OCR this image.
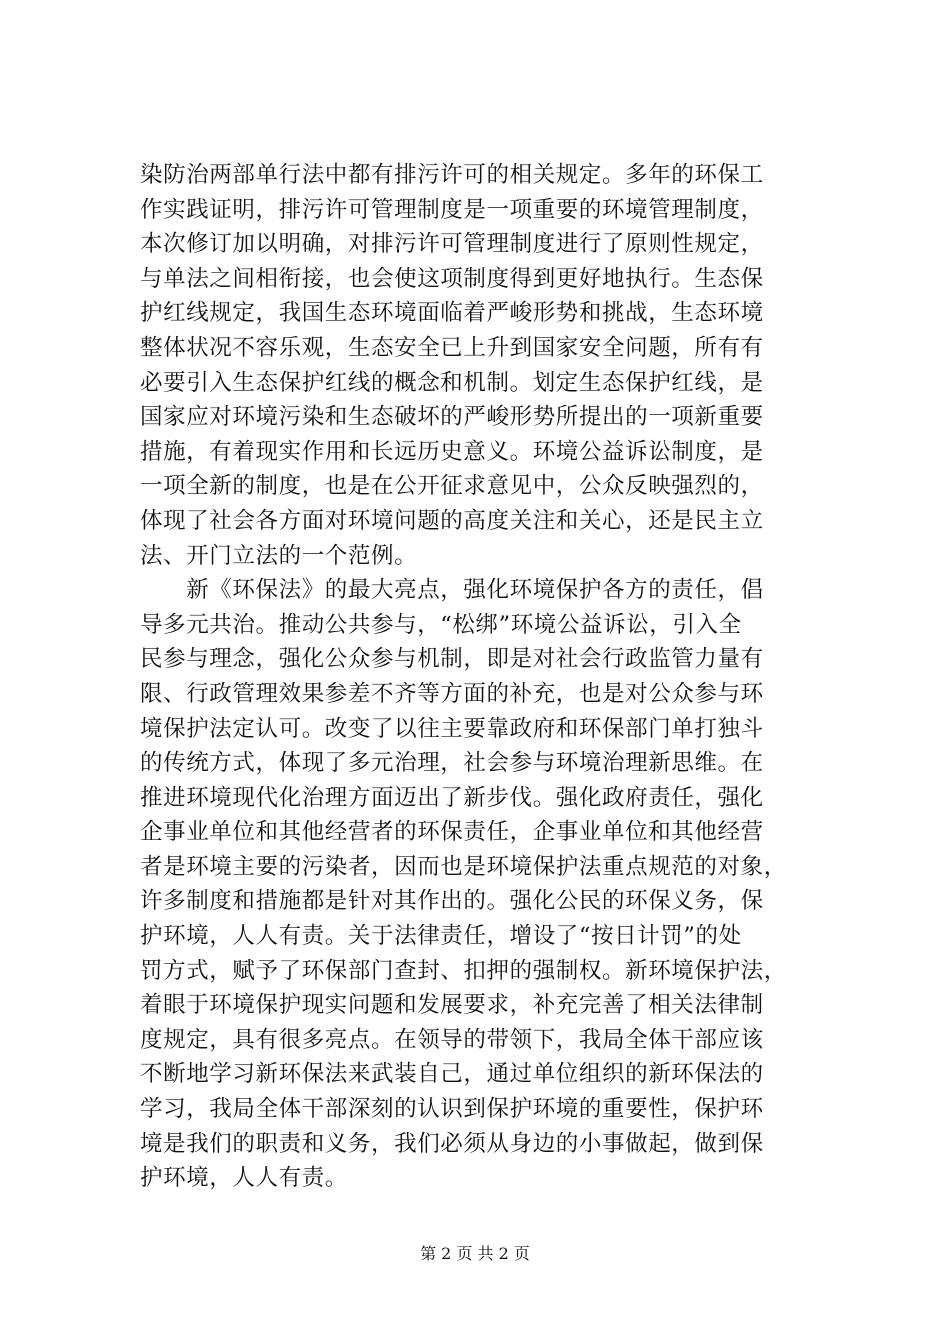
染防治两部单行法中都有排污许可的相关规定。多年的环保工
作实践证明，排污许可管理制度是一项重要的环境管理制度，
本次修订加以明确，对排污许可管理制度进行了原则性规定，
与单法之间相衔接，也会使这项制度得到更好地执行。生态保
护红线规定，我国生态环境面临着严峻形势和挑战，生态环境
整体状况不容乐观，生态安全已上升到国家安全问题，所有有
必要引入生态保护红线的概念和机制。划定生态保护红线，是
国家应对环境污染和生态破坏的严峻形势所提出的一项新重要
措施，有着现实作用和长远历史意义。环境公益诉讼制度，是
一项全新的制度，也是在公开征求意见中，公众反映强烈的，
体现了社会各方面对环境问题的高度关注和关心，还是民主立
法、开门立法的一个范例。
　　新《环保法》的最大亮点，强化环境保护各方的责任，倡
导多元共治。推动公共参与，“松绑”环境公益诉讼，引入全
民参与理念，强化公众参与机制，即是对社会行政监管力量有
限、行政管理效果参差不齐等方面的补充，也是对公众参与环
境保护法定认可。改变了以往主要靠政府和环保部门单打独斗
的传统方式，体现了多元治理，社会参与环境治理新思维。在
推进环境现代化治理方面迈出了新步伐。强化政府责任，强化
企事业单位和其他经营者的环保责任，企事业单位和其他经营
者是环境主要的污染者，因而也是环境保护法重点规范的对象，
许多制度和措施都是针对其作出的。强化公民的环保义务，保
护环境，人人有责。关于法律责任，增设了“按日计罚”的处
罚方式，赋予了环保部门查封、扣押的强制权。新环境保护法，
着眼于环境保护现实问题和发展要求，补充完善了相关法律制
度规定，具有很多亮点。在领导的带领下，我局全体干部应该
不断地学习新环保法来武装自己，通过单位组织的新环保法的
学习，我局全体干部深刻的认识到保护环境的重要性，保护环
境是我们的职责和义务，我们必须从身边的小事做起，做到保
护环境，人人有责。
第 2 页 共 2 页
